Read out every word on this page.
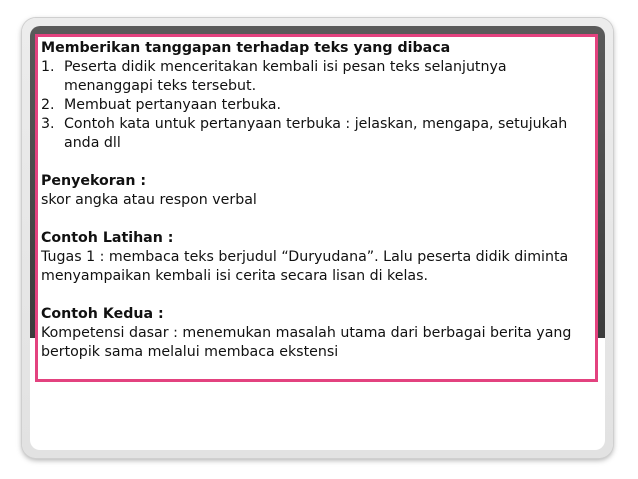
Memberikan tanggapan terhadap teks yang dibaca

1. Peserta didik menceritakan kembali isi pesan teks selanjutnya menanggapi teks tersebut.
2. Membuat pertanyaan terbuka.
3. Contoh kata untuk pertanyaan terbuka : jelaskan, mengapa, setujukah anda dll

Penyekoran :

skor angka atau respon verbal

Contoh Latihan :

Tugas 1 : membaca teks berjudul “Duryudana”. Lalu peserta didik diminta menyampaikan kembali isi cerita secara lisan di kelas.

Contoh Kedua :

Kompetensi dasar : menemukan masalah utama dari berbagai berita yang bertopik sama melalui membaca ekstensi
